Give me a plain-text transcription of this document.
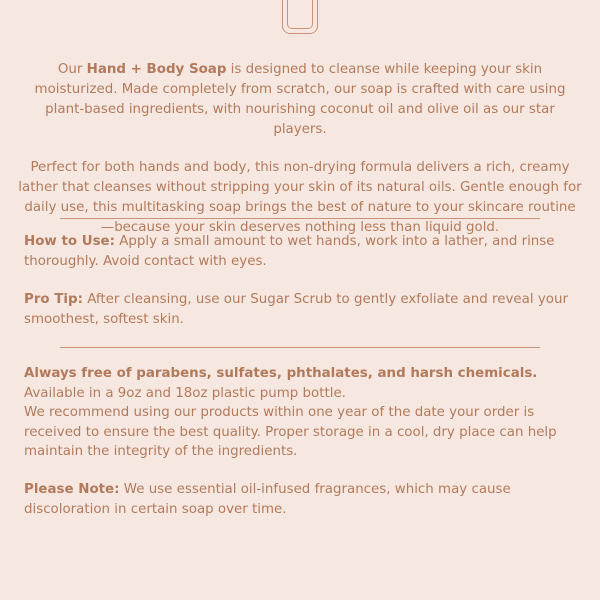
Our Hand + Body Soap is designed to cleanse while keeping your skin moisturized. Made completely from scratch, our soap is crafted with care using plant-based ingredients, with nourishing coconut oil and olive oil as our star players.

Perfect for both hands and body, this non-drying formula delivers a rich, creamy lather that cleanses without stripping your skin of its natural oils. Gentle enough for daily use, this multitasking soap brings the best of nature to your skincare routine—because your skin deserves nothing less than liquid gold.

How to Use: Apply a small amount to wet hands, work into a lather, and rinse thoroughly. Avoid contact with eyes.

Pro Tip: After cleansing, use our Sugar Scrub to gently exfoliate and reveal your smoothest, softest skin.

Always free of parabens, sulfates, phthalates, and harsh chemicals.

Available in a 9oz and 18oz plastic pump bottle.

We recommend using our products within one year of the date your order is received to ensure the best quality. Proper storage in a cool, dry place can help maintain the integrity of the ingredients.

Please Note: We use essential oil-infused fragrances, which may cause discoloration in certain soap over time.
